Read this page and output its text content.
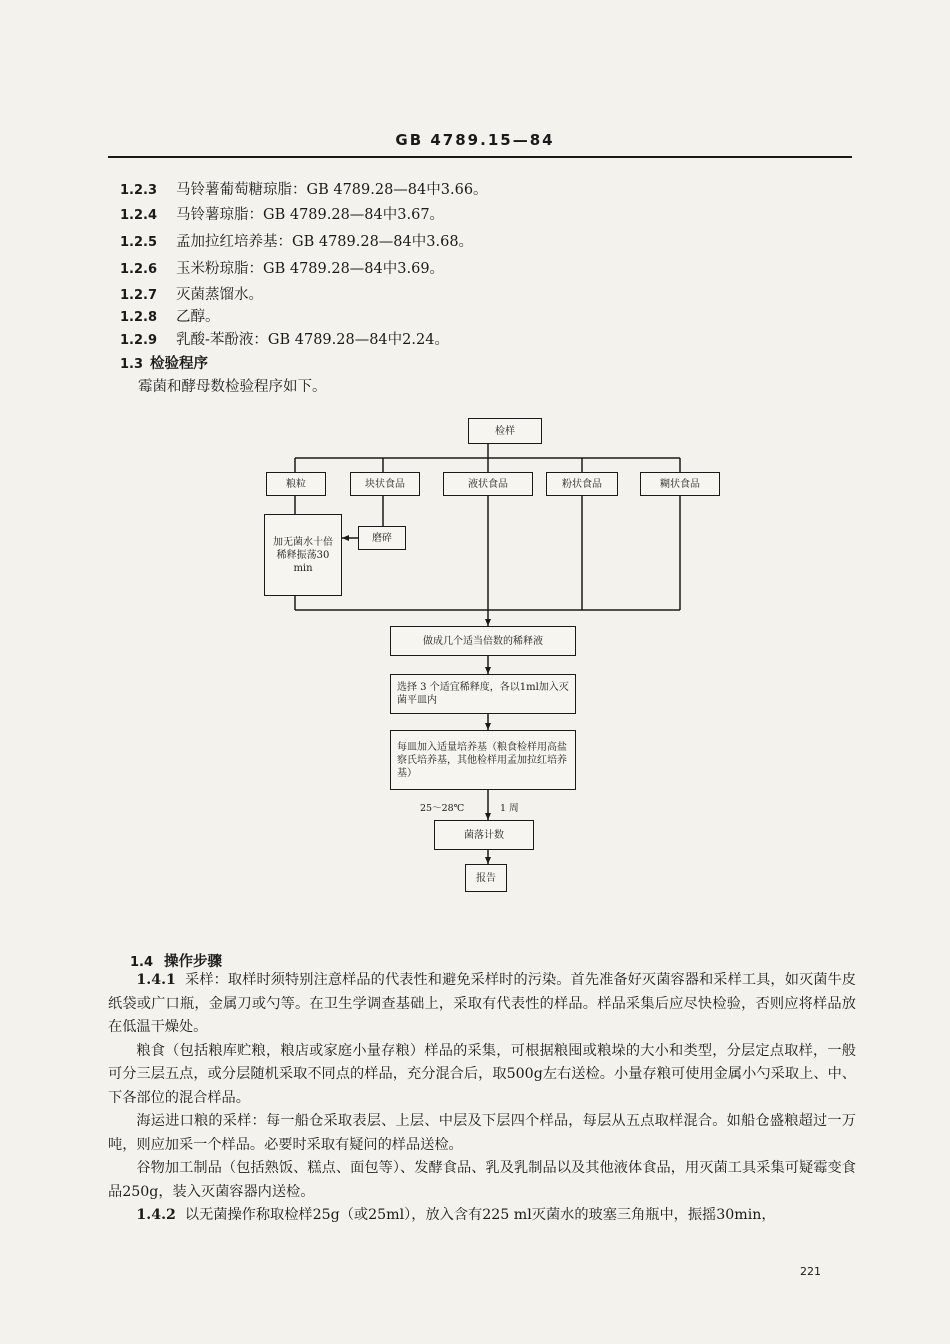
GB 4789.15—84
1.2.3 马铃薯葡萄糖琼脂：GB 4789.28—84中3.66。
1.2.4 马铃薯琼脂：GB 4789.28—84中3.67。
1.2.5 孟加拉红培养基：GB 4789.28—84中3.68。
1.2.6 玉米粉琼脂：GB 4789.28—84中3.69。
1.2.7 灭菌蒸馏水。
1.2.8 乙醇。
1.2.9 乳酸-苯酚液：GB 4789.28—84中2.24。
1.3 检验程序
霉菌和酵母数检验程序如下。
检样
粮粒	块状食品	液状食品	粉状食品	糊状食品
加无菌水十倍稀释振荡30 min
磨碎
做成几个适当倍数的稀释液
选择 3 个适宜稀释度，各以1ml加入灭菌平皿内
每皿加入适量培养基（粮食检样用高盐察氏培养基，其他检样用孟加拉红培养基）
25～28℃	1 周
菌落计数
报告
1.4 操作步骤

1.4.1 采样：取样时须特别注意样品的代表性和避免采样时的污染。首先准备好灭菌容器和采样工具，如灭菌牛皮纸袋或广口瓶，金属刀或勺等。在卫生学调查基础上，采取有代表性的样品。样品采集后应尽快检验，否则应将样品放在低温干燥处。

粮食（包括粮库贮粮，粮店或家庭小量存粮）样品的采集，可根据粮囤或粮垛的大小和类型，分层定点取样，一般可分三层五点，或分层随机采取不同点的样品，充分混合后，取500g左右送检。小量存粮可使用金属小勺采取上、中、下各部位的混合样品。

海运进口粮的采样：每一船仓采取表层、上层、中层及下层四个样品，每层从五点取样混合。如船仓盛粮超过一万吨，则应加采一个样品。必要时采取有疑问的样品送检。

谷物加工制品（包括熟饭、糕点、面包等）、发酵食品、乳及乳制品以及其他液体食品，用灭菌工具采集可疑霉变食品250g，装入灭菌容器内送检。

1.4.2 以无菌操作称取检样25g（或25ml），放入含有225 ml灭菌水的玻塞三角瓶中，振摇30min，

221
